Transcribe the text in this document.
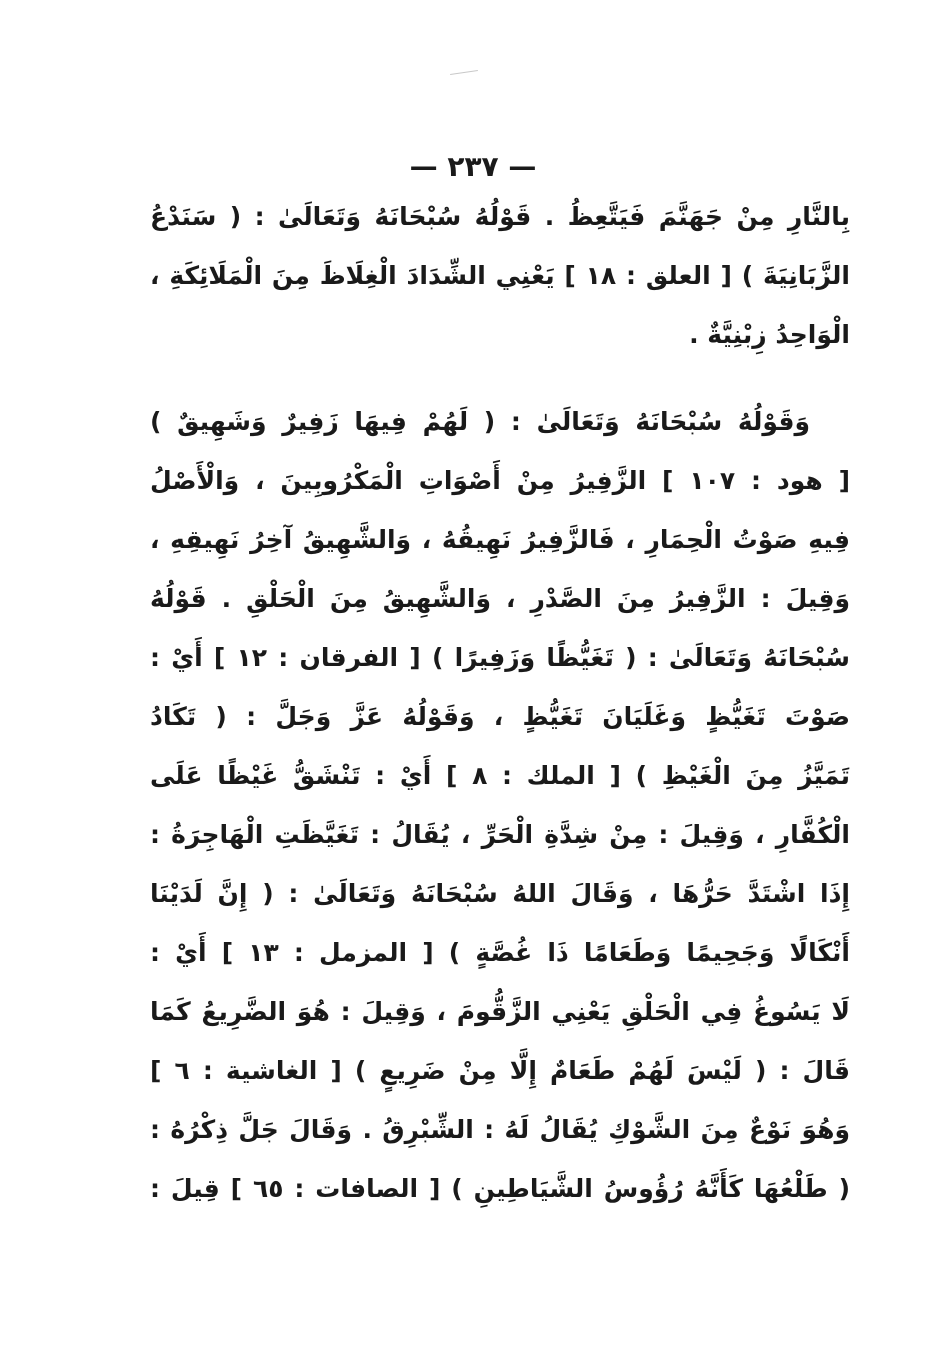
— ٢٣٧ —
بِالنَّارِ مِنْ جَهَنَّمَ فَيَتَّعِظُ . قَوْلُهُ سُبْحَانَهُ وَتَعَالَىٰ : ( سَنَدْعُ
الزَّبَانِيَةَ ) [ العلق : ١٨ ] يَعْنِي الشِّدَادَ الْغِلَاظَ مِنَ الْمَلَائِكَةِ ،
الْوَاحِدُ زِبْنِيَّةٌ .
وَقَوْلُهُ سُبْحَانَهُ وَتَعَالَىٰ : ( لَهُمْ فِيهَا زَفِيرٌ وَشَهِيقٌ )
[ هود : ١٠٧ ] الزَّفِيرُ مِنْ أَصْوَاتِ الْمَكْرُوبِينَ ، وَالْأَصْلُ
فِيهِ صَوْتُ الْحِمَارِ ، فَالزَّفِيرُ نَهِيقُهُ ، وَالشَّهِيقُ آخِرُ نَهِيقِهِ ،
وَقِيلَ : الزَّفِيرُ مِنَ الصَّدْرِ ، وَالشَّهِيقُ مِنَ الْحَلْقِ . قَوْلُهُ
سُبْحَانَهُ وَتَعَالَىٰ : ( تَغَيُّظًا وَزَفِيرًا ) [ الفرقان : ١٢ ] أَيْ :
صَوْتَ تَغَيُّظٍ وَغَلَيَانَ تَغَيُّظٍ ، وَقَوْلُهُ عَزَّ وَجَلَّ : ( تَكَادُ
تَمَيَّزُ مِنَ الْغَيْظِ ) [ الملك : ٨ ] أَيْ : تَنْشَقُّ غَيْظًا عَلَى
الْكُفَّارِ ، وَقِيلَ : مِنْ شِدَّةِ الْحَرِّ ، يُقَالُ : تَغَيَّظَتِ الْهَاجِرَةُ :
إِذَا اشْتَدَّ حَرُّهَا ، وَقَالَ اللهُ سُبْحَانَهُ وَتَعَالَىٰ : ( إِنَّ لَدَيْنَا
أَنْكَالًا وَجَحِيمًا وَطَعَامًا ذَا غُصَّةٍ ) [ المزمل : ١٣ ] أَيْ :
لَا يَسُوغُ فِي الْحَلْقِ يَعْنِي الزَّقُّومَ ، وَقِيلَ : هُوَ الضَّرِيعُ كَمَا
قَالَ : ( لَيْسَ لَهُمْ طَعَامٌ إِلَّا مِنْ ضَرِيعٍ ) [ الغاشية : ٦ ]
وَهُوَ نَوْعٌ مِنَ الشَّوْكِ يُقَالُ لَهُ : الشِّبْرِقُ . وَقَالَ جَلَّ ذِكْرُهُ :
( طَلْعُهَا كَأَنَّهُ رُؤُوسُ الشَّيَاطِينِ ) [ الصافات : ٦٥ ] قِيلَ :
